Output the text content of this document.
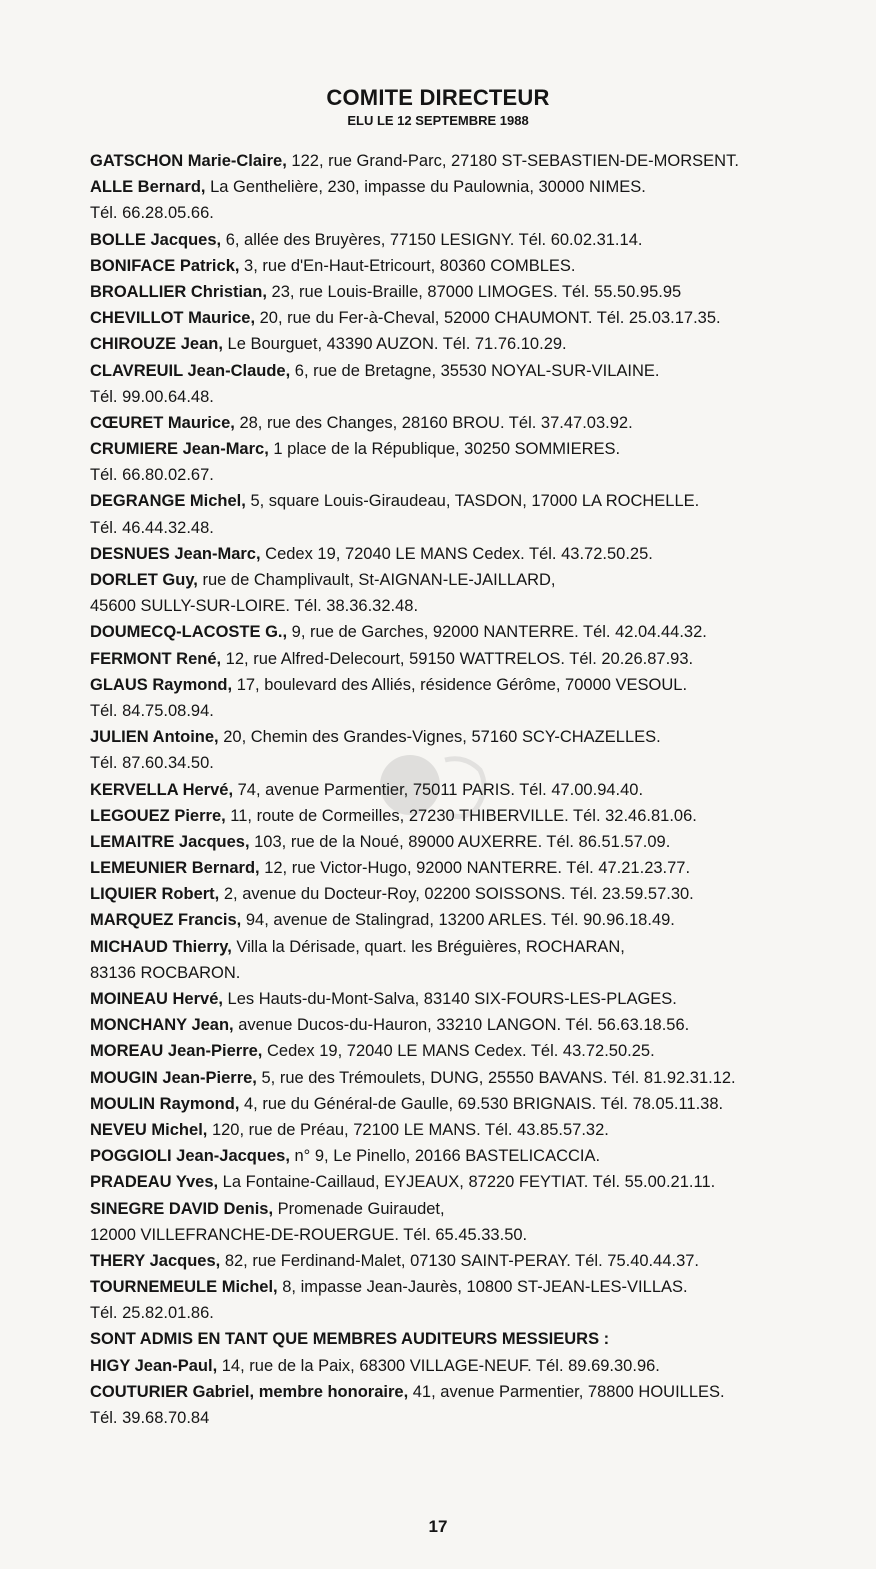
COMITE DIRECTEUR
ELU LE 12 SEPTEMBRE 1988
GATSCHON Marie-Claire, 122, rue Grand-Parc, 27180 ST-SEBASTIEN-DE-MORSENT.
ALLE Bernard, La Genthelière, 230, impasse du Paulownia, 30000 NIMES.
Tél. 66.28.05.66.
BOLLE Jacques, 6, allée des Bruyères, 77150 LESIGNY. Tél. 60.02.31.14.
BONIFACE Patrick, 3, rue d'En-Haut-Etricourt, 80360 COMBLES.
BROALLIER Christian, 23, rue Louis-Braille, 87000 LIMOGES. Tél. 55.50.95.95
CHEVILLOT Maurice, 20, rue du Fer-à-Cheval, 52000 CHAUMONT. Tél. 25.03.17.35.
CHIROUZE Jean, Le Bourguet, 43390 AUZON. Tél. 71.76.10.29.
CLAVREUIL Jean-Claude, 6, rue de Bretagne, 35530 NOYAL-SUR-VILAINE.
Tél. 99.00.64.48.
CŒURET Maurice, 28, rue des Changes, 28160 BROU. Tél. 37.47.03.92.
CRUMIERE Jean-Marc, 1 place de la République, 30250 SOMMIERES.
Tél. 66.80.02.67.
DEGRANGE Michel, 5, square Louis-Giraudeau, TASDON, 17000 LA ROCHELLE.
Tél. 46.44.32.48.
DESNUES Jean-Marc, Cedex 19, 72040 LE MANS Cedex. Tél. 43.72.50.25.
DORLET Guy, rue de Champlivault, St-AIGNAN-LE-JAILLARD,
45600 SULLY-SUR-LOIRE. Tél. 38.36.32.48.
DOUMECQ-LACOSTE G., 9, rue de Garches, 92000 NANTERRE. Tél. 42.04.44.32.
FERMONT René, 12, rue Alfred-Delecourt, 59150 WATTRELOS. Tél. 20.26.87.93.
GLAUS Raymond, 17, boulevard des Alliés, résidence Gérôme, 70000 VESOUL.
Tél. 84.75.08.94.
JULIEN Antoine, 20, Chemin des Grandes-Vignes, 57160 SCY-CHAZELLES.
Tél. 87.60.34.50.
KERVELLA Hervé, 74, avenue Parmentier, 75011 PARIS. Tél. 47.00.94.40.
LEGOUEZ Pierre, 11, route de Cormeilles, 27230 THIBERVILLE. Tél. 32.46.81.06.
LEMAITRE Jacques, 103, rue de la Noué, 89000 AUXERRE. Tél. 86.51.57.09.
LEMEUNIER Bernard, 12, rue Victor-Hugo, 92000 NANTERRE. Tél. 47.21.23.77.
LIQUIER Robert, 2, avenue du Docteur-Roy, 02200 SOISSONS. Tél. 23.59.57.30.
MARQUEZ Francis, 94, avenue de Stalingrad, 13200 ARLES. Tél. 90.96.18.49.
MICHAUD Thierry, Villa la Dérisade, quart. les Bréguières, ROCHARAN,
83136 ROCBARON.
MOINEAU Hervé, Les Hauts-du-Mont-Salva, 83140 SIX-FOURS-LES-PLAGES.
MONCHANY Jean, avenue Ducos-du-Hauron, 33210 LANGON. Tél. 56.63.18.56.
MOREAU Jean-Pierre, Cedex 19, 72040 LE MANS Cedex. Tél. 43.72.50.25.
MOUGIN Jean-Pierre, 5, rue des Trémoulets, DUNG, 25550 BAVANS. Tél. 81.92.31.12.
MOULIN Raymond, 4, rue du Général-de Gaulle, 69.530 BRIGNAIS. Tél. 78.05.11.38.
NEVEU Michel, 120, rue de Préau, 72100 LE MANS. Tél. 43.85.57.32.
POGGIOLI Jean-Jacques, n° 9, Le Pinello, 20166 BASTELICACCIA.
PRADEAU Yves, La Fontaine-Caillaud, EYJEAUX, 87220 FEYTIAT. Tél. 55.00.21.11.
SINEGRE DAVID Denis, Promenade Guiraudet,
12000 VILLEFRANCHE-DE-ROUERGUE. Tél. 65.45.33.50.
THERY Jacques, 82, rue Ferdinand-Malet, 07130 SAINT-PERAY. Tél. 75.40.44.37.
TOURNEMEULE Michel, 8, impasse Jean-Jaurès, 10800 ST-JEAN-LES-VILLAS.
Tél. 25.82.01.86.
SONT ADMIS EN TANT QUE MEMBRES AUDITEURS MESSIEURS :
HIGY Jean-Paul, 14, rue de la Paix, 68300 VILLAGE-NEUF. Tél. 89.69.30.96.
COUTURIER Gabriel, membre honoraire, 41, avenue Parmentier, 78800 HOUILLES.
Tél. 39.68.70.84
17
